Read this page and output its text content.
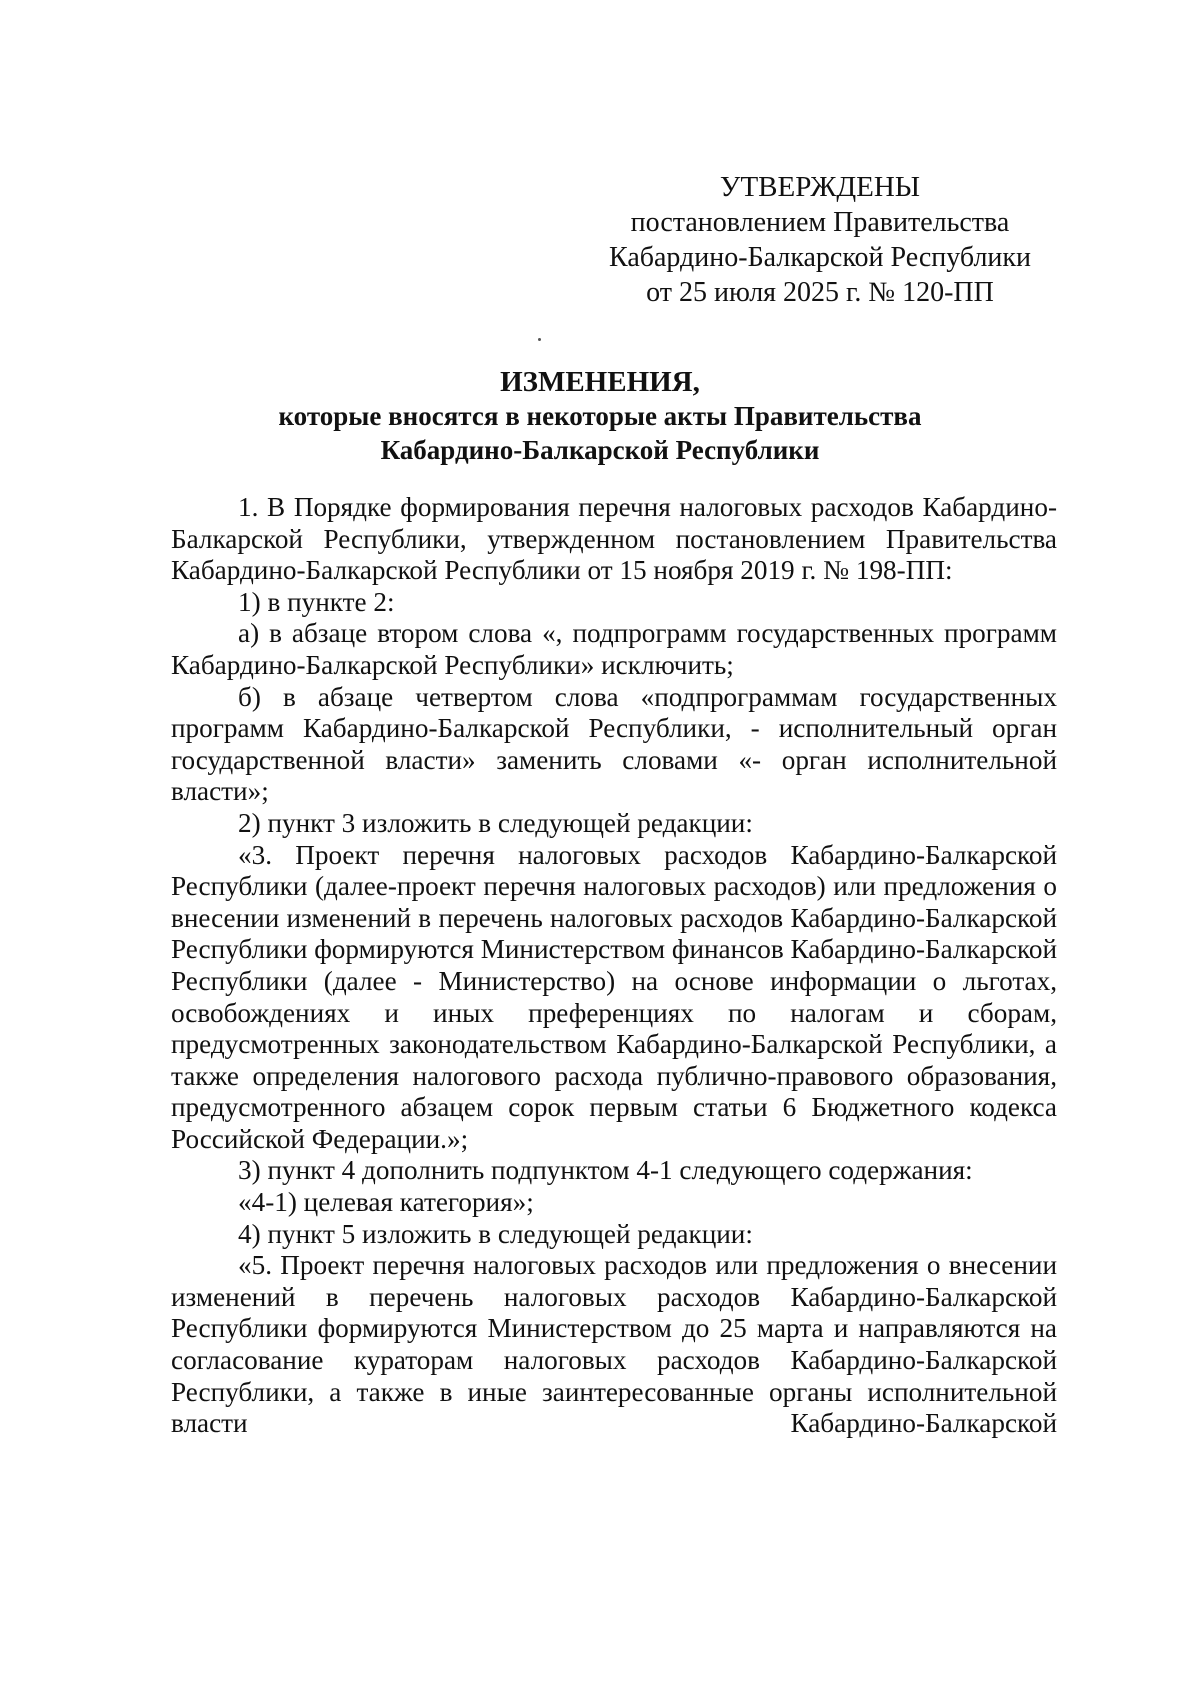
УТВЕРЖДЕНЫ
постановлением Правительства
Кабардино-Балкарской Республики
от 25 июля 2025 г. № 120-ПП
ИЗМЕНЕНИЯ,
которые вносятся в некоторые акты Правительства
Кабардино-Балкарской Республики

1. В Порядке формирования перечня налоговых расходов Кабардино-Балкарской Республики, утвержденном постановлением Правительства Кабардино-Балкарской Республики от 15 ноября 2019 г. № 198-ПП:

1) в пункте 2:

а) в абзаце втором слова «, подпрограмм государственных программ Кабардино-Балкарской Республики» исключить;

б) в абзаце четвертом слова «подпрограммам государственных программ Кабардино-Балкарской Республики, - исполнительный орган государственной власти» заменить словами «- орган исполнительной власти»;

2) пункт 3 изложить в следующей редакции:

«3. Проект перечня налоговых расходов Кабардино-Балкарской Республики (далее-проект перечня налоговых расходов) или предложения о внесении изменений в перечень налоговых расходов Кабардино-Балкарской Республики формируются Министерством финансов Кабардино-Балкарской Республики (далее - Министерство) на основе информации о льготах, освобождениях и иных преференциях по налогам и сборам, предусмотренных законодательством Кабардино-Балкарской Республики, а также определения налогового расхода публично-правового образования, предусмотренного абзацем сорок первым статьи 6 Бюджетного кодекса Российской Федерации.»;

3) пункт 4 дополнить подпунктом 4-1 следующего содержания:

«4-1) целевая категория»;

4) пункт 5 изложить в следующей редакции:

«5. Проект перечня налоговых расходов или предложения о внесении изменений в перечень налоговых расходов Кабардино-Балкарской Республики формируются Министерством до 25 марта и направляются на согласование кураторам налоговых расходов Кабардино-Балкарской Республики, а также в иные заинтересованные органы исполнительной власти Кабардино-Балкарской
